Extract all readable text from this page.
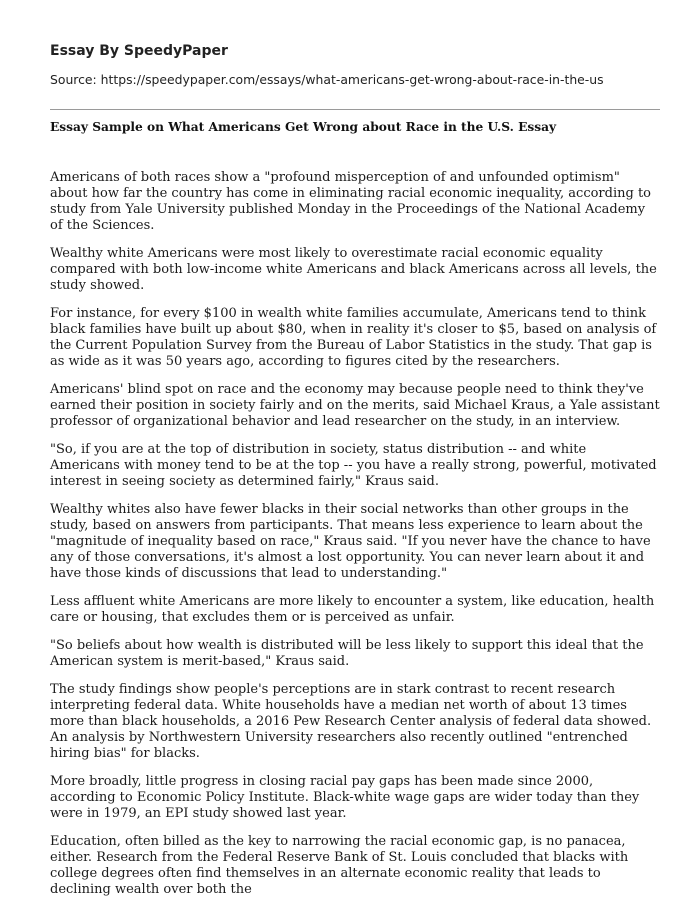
Essay By SpeedyPaper
Source: https://speedypaper.com/essays/what-americans-get-wrong-about-race-in-the-us
Essay Sample on What Americans Get Wrong about Race in the U.S. Essay

Americans of both races show a "profound misperception of and unfounded optimism" about how far the country has come in eliminating racial economic inequality, according to study from Yale University published Monday in the Proceedings of the National Academy of the Sciences.

Wealthy white Americans were most likely to overestimate racial economic equality compared with both low-income white Americans and black Americans across all levels, the study showed.

For instance, for every $100 in wealth white families accumulate, Americans tend to think black families have built up about $80, when in reality it's closer to $5, based on analysis of the Current Population Survey from the Bureau of Labor Statistics in the study. That gap is as wide as it was 50 years ago, according to figures cited by the researchers.

Americans' blind spot on race and the economy may because people need to think they've earned their position in society fairly and on the merits, said Michael Kraus, a Yale assistant professor of organizational behavior and lead researcher on the study, in an interview.

"So, if you are at the top of distribution in society, status distribution -- and white Americans with money tend to be at the top -- you have a really strong, powerful, motivated interest in seeing society as determined fairly," Kraus said.

Wealthy whites also have fewer blacks in their social networks than other groups in the study, based on answers from participants. That means less experience to learn about the "magnitude of inequality based on race," Kraus said. "If you never have the chance to have any of those conversations, it's almost a lost opportunity. You can never learn about it and have those kinds of discussions that lead to understanding."

Less affluent white Americans are more likely to encounter a system, like education, health care or housing, that excludes them or is perceived as unfair.

"So beliefs about how wealth is distributed will be less likely to support this ideal that the American system is merit-based," Kraus said.

The study findings show people's perceptions are in stark contrast to recent research interpreting federal data. White households have a median net worth of about 13 times more than black households, a 2016 Pew Research Center analysis of federal data showed. An analysis by Northwestern University researchers also recently outlined "entrenched hiring bias" for blacks.

More broadly, little progress in closing racial pay gaps has been made since 2000, according to Economic Policy Institute. Black-white wage gaps are wider today than they were in 1979, an EPI study showed last year.

Education, often billed as the key to narrowing the racial economic gap, is no panacea, either. Research from the Federal Reserve Bank of St. Louis concluded that blacks with college degrees often find themselves in an alternate economic reality that leads to declining wealth over both the
